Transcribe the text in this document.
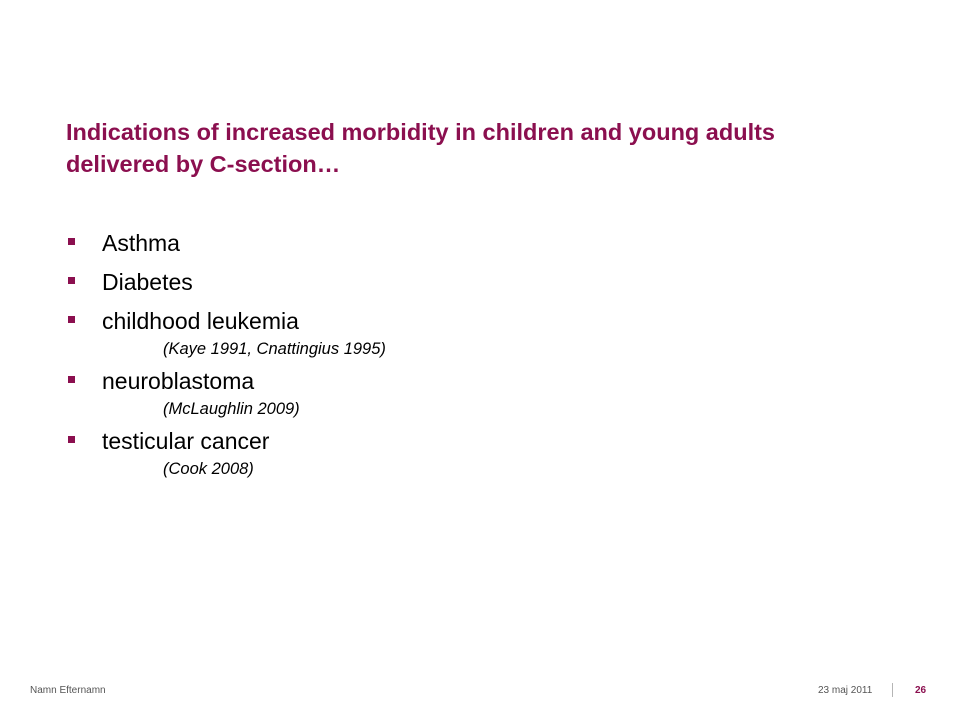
Indications of increased morbidity in children and young adults delivered by C-section…
Asthma
Diabetes
childhood leukemia
(Kaye 1991, Cnattingius 1995)
neuroblastoma
(McLaughlin 2009)
testicular cancer
(Cook 2008)
Namn Efternamn	23 maj 2011	26
